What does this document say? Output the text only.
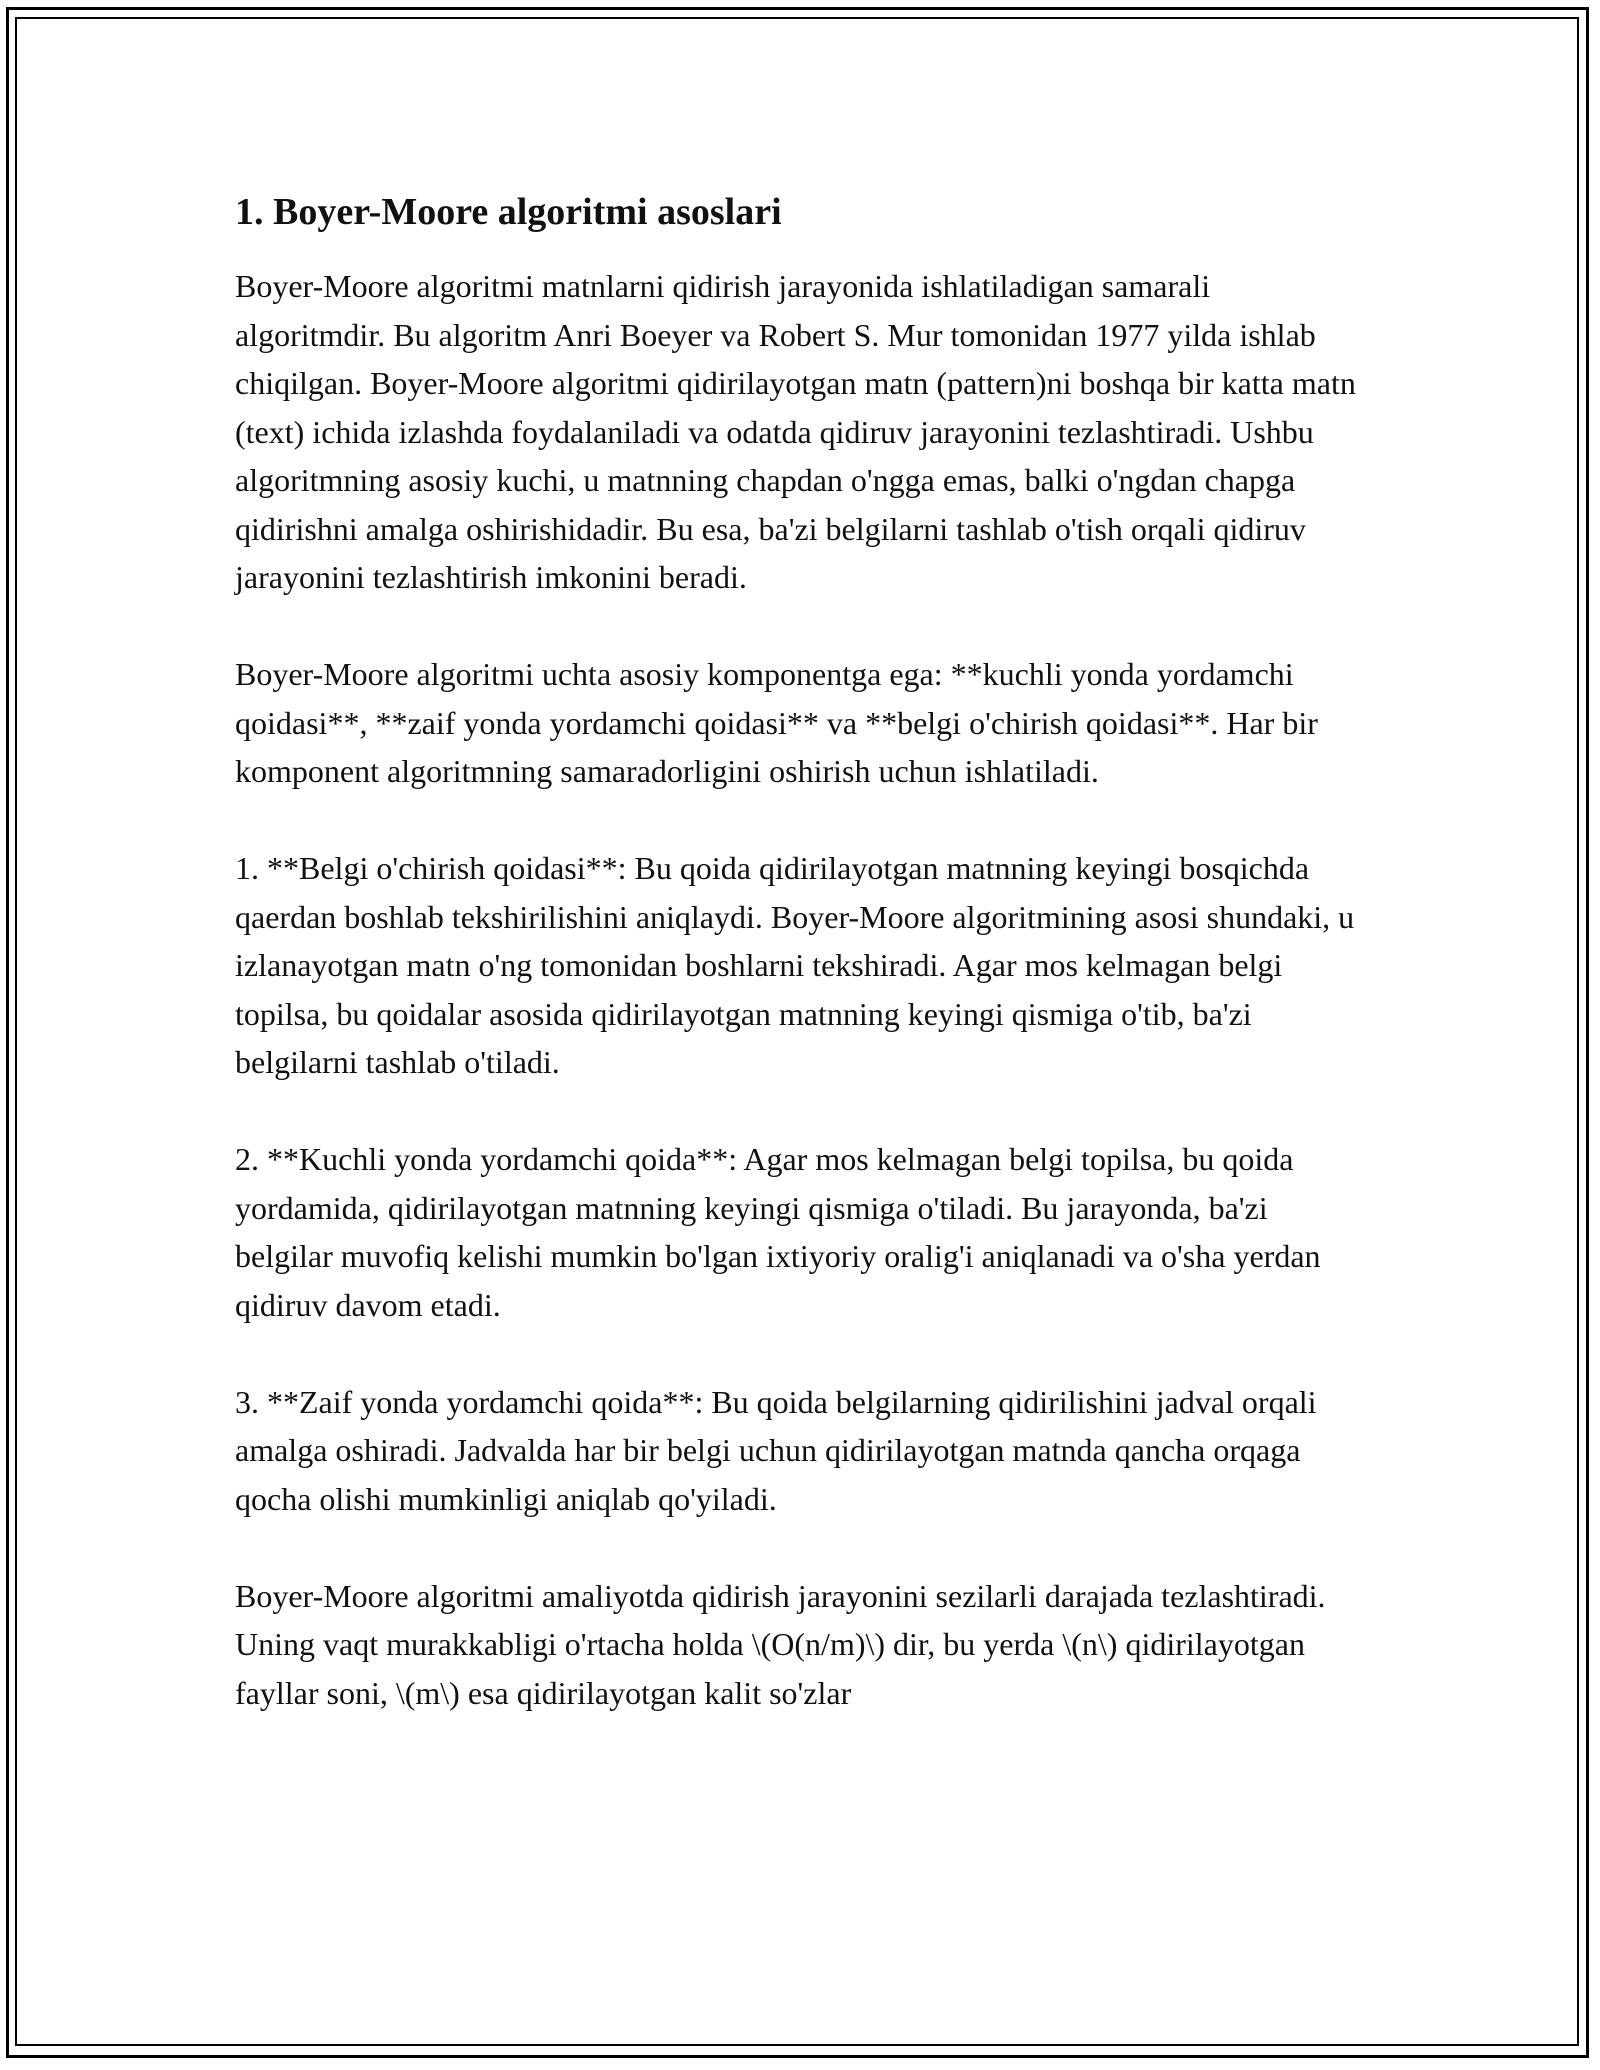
1. Boyer-Moore algoritmi asoslari

Boyer-Moore algoritmi matnlarni qidirish jarayonida ishlatiladigan samarali algoritmdir. Bu algoritm Anri Boeyer va Robert S. Mur tomonidan 1977 yilda ishlab chiqilgan. Boyer-Moore algoritmi qidirilayotgan matn (pattern)ni boshqa bir katta matn (text) ichida izlashda foydalaniladi va odatda qidiruv jarayonini tezlashtiradi. Ushbu algoritmning asosiy kuchi, u matnning chapdan o'ngga emas, balki o'ngdan chapga qidirishni amalga oshirishidadir. Bu esa, ba'zi belgilarni tashlab o'tish orqali qidiruv jarayonini tezlashtirish imkonini beradi.

Boyer-Moore algoritmi uchta asosiy komponentga ega: **kuchli yonda yordamchi qoidasi**, **zaif yonda yordamchi qoidasi** va **belgi o'chirish qoidasi**. Har bir komponent algoritmning samaradorligini oshirish uchun ishlatiladi.

1. **Belgi o'chirish qoidasi**: Bu qoida qidirilayotgan matnning keyingi bosqichda qaerdan boshlab tekshirilishini aniqlaydi. Boyer-Moore algoritmining asosi shundaki, u izlanayotgan matn o'ng tomonidan boshlarni tekshiradi. Agar mos kelmagan belgi topilsa, bu qoidalar asosida qidirilayotgan matnning keyingi qismiga o'tib, ba'zi belgilarni tashlab o'tiladi.

2. **Kuchli yonda yordamchi qoida**: Agar mos kelmagan belgi topilsa, bu qoida yordamida, qidirilayotgan matnning keyingi qismiga o'tiladi. Bu jarayonda, ba'zi belgilar muvofiq kelishi mumkin bo'lgan ixtiyoriy oralig'i aniqlanadi va o'sha yerdan qidiruv davom etadi.

3. **Zaif yonda yordamchi qoida**: Bu qoida belgilarning qidirilishini jadval orqali amalga oshiradi. Jadvalda har bir belgi uchun qidirilayotgan matnda qancha orqaga qocha olishi mumkinligi aniqlab qo'yiladi.

Boyer-Moore algoritmi amaliyotda qidirish jarayonini sezilarli darajada tezlashtiradi. Uning vaqt murakkabligi o'rtacha holda \(O(n/m)\) dir, bu yerda \(n\) qidirilayotgan fayllar soni, \(m\) esa qidirilayotgan kalit so'zlar
